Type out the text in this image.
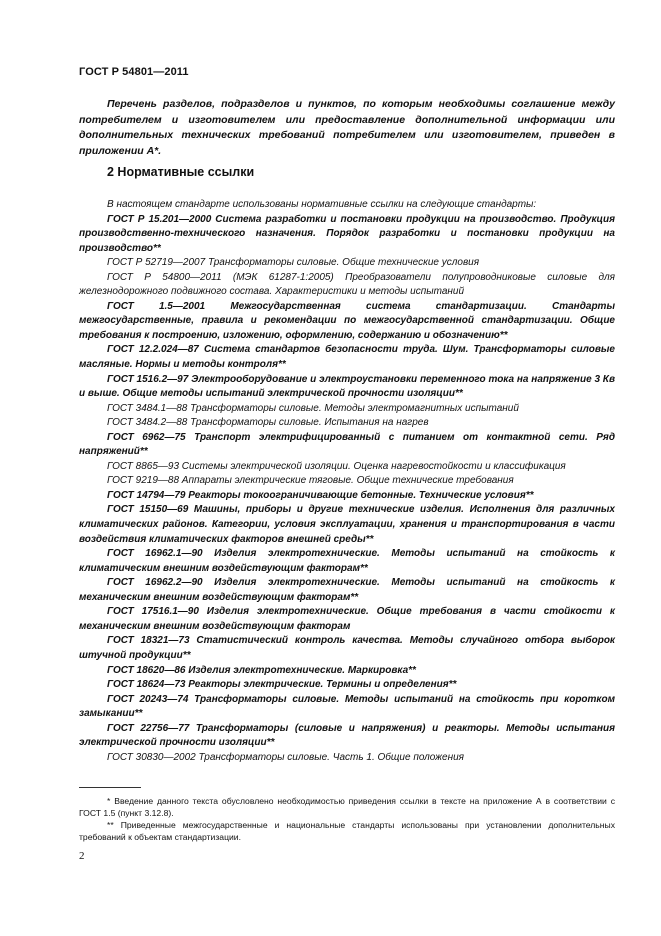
ГОСТ Р 54801—2011

Перечень разделов, подразделов и пунктов, по которым необходимы соглашение между потребителем и изготовителем или предоставление дополнительной информации или дополнительных технических требований потребителем или изготовителем, приведен в приложении А*.

2 Нормативные ссылки

В настоящем стандарте использованы нормативные ссылки на следующие стандарты:

ГОСТ Р 15.201—2000 Система разработки и постановки продукции на производство. Продукция производственно-технического назначения. Порядок разработки и постановки продукции на производство**

ГОСТ Р 52719—2007 Трансформаторы силовые. Общие технические условия

ГОСТ Р 54800—2011 (МЭК 61287-1:2005) Преобразователи полупроводниковые силовые для железнодорожного подвижного состава. Характеристики и методы испытаний

ГОСТ 1.5—2001 Межгосударственная система стандартизации. Стандарты межгосударственные, правила и рекомендации по межгосударственной стандартизации. Общие требования к построению, изложению, оформлению, содержанию и обозначению**

ГОСТ 12.2.024—87 Система стандартов безопасности труда. Шум. Трансформаторы силовые масляные. Нормы и методы контроля**

ГОСТ 1516.2—97 Электрооборудование и электроустановки переменного тока на напряжение 3 Кв и выше. Общие методы испытаний электрической прочности изоляции**

ГОСТ 3484.1—88 Трансформаторы силовые. Методы электромагнитных испытаний

ГОСТ 3484.2—88 Трансформаторы силовые. Испытания на нагрев

ГОСТ 6962—75 Транспорт электрифицированный с питанием от контактной сети. Ряд напряжений**

ГОСТ 8865—93 Системы электрической изоляции. Оценка нагревостойкости и классификация

ГОСТ 9219—88 Аппараты электрические тяговые. Общие технические требования

ГОСТ 14794—79 Реакторы токоограничивающие бетонные. Технические условия**

ГОСТ 15150—69 Машины, приборы и другие технические изделия. Исполнения для различных климатических районов. Категории, условия эксплуатации, хранения и транспортирования в части воздействия климатических факторов внешней среды**

ГОСТ 16962.1—90 Изделия электротехнические. Методы испытаний на стойкость к климатическим внешним воздействующим факторам**

ГОСТ 16962.2—90 Изделия электротехнические. Методы испытаний на стойкость к механическим внешним воздействующим факторам**

ГОСТ 17516.1—90 Изделия электротехнические. Общие требования в части стойкости к механическим внешним воздействующим факторам

ГОСТ 18321—73 Статистический контроль качества. Методы случайного отбора выборок штучной продукции**

ГОСТ 18620—86 Изделия электротехнические. Маркировка**

ГОСТ 18624—73 Реакторы электрические. Термины и определения**

ГОСТ 20243—74 Трансформаторы силовые. Методы испытаний на стойкость при коротком замыкании**

ГОСТ 22756—77 Трансформаторы (силовые и напряжения) и реакторы. Методы испытания электрической прочности изоляции**

ГОСТ 30830—2002 Трансформаторы силовые. Часть 1. Общие положения

* Введение данного текста обусловлено необходимостью приведения ссылки в тексте на приложение А в соответствии с ГОСТ 1.5 (пункт 3.12.8).

** Приведенные межгосударственные и национальные стандарты использованы при установлении дополнительных требований к объектам стандартизации.

2
